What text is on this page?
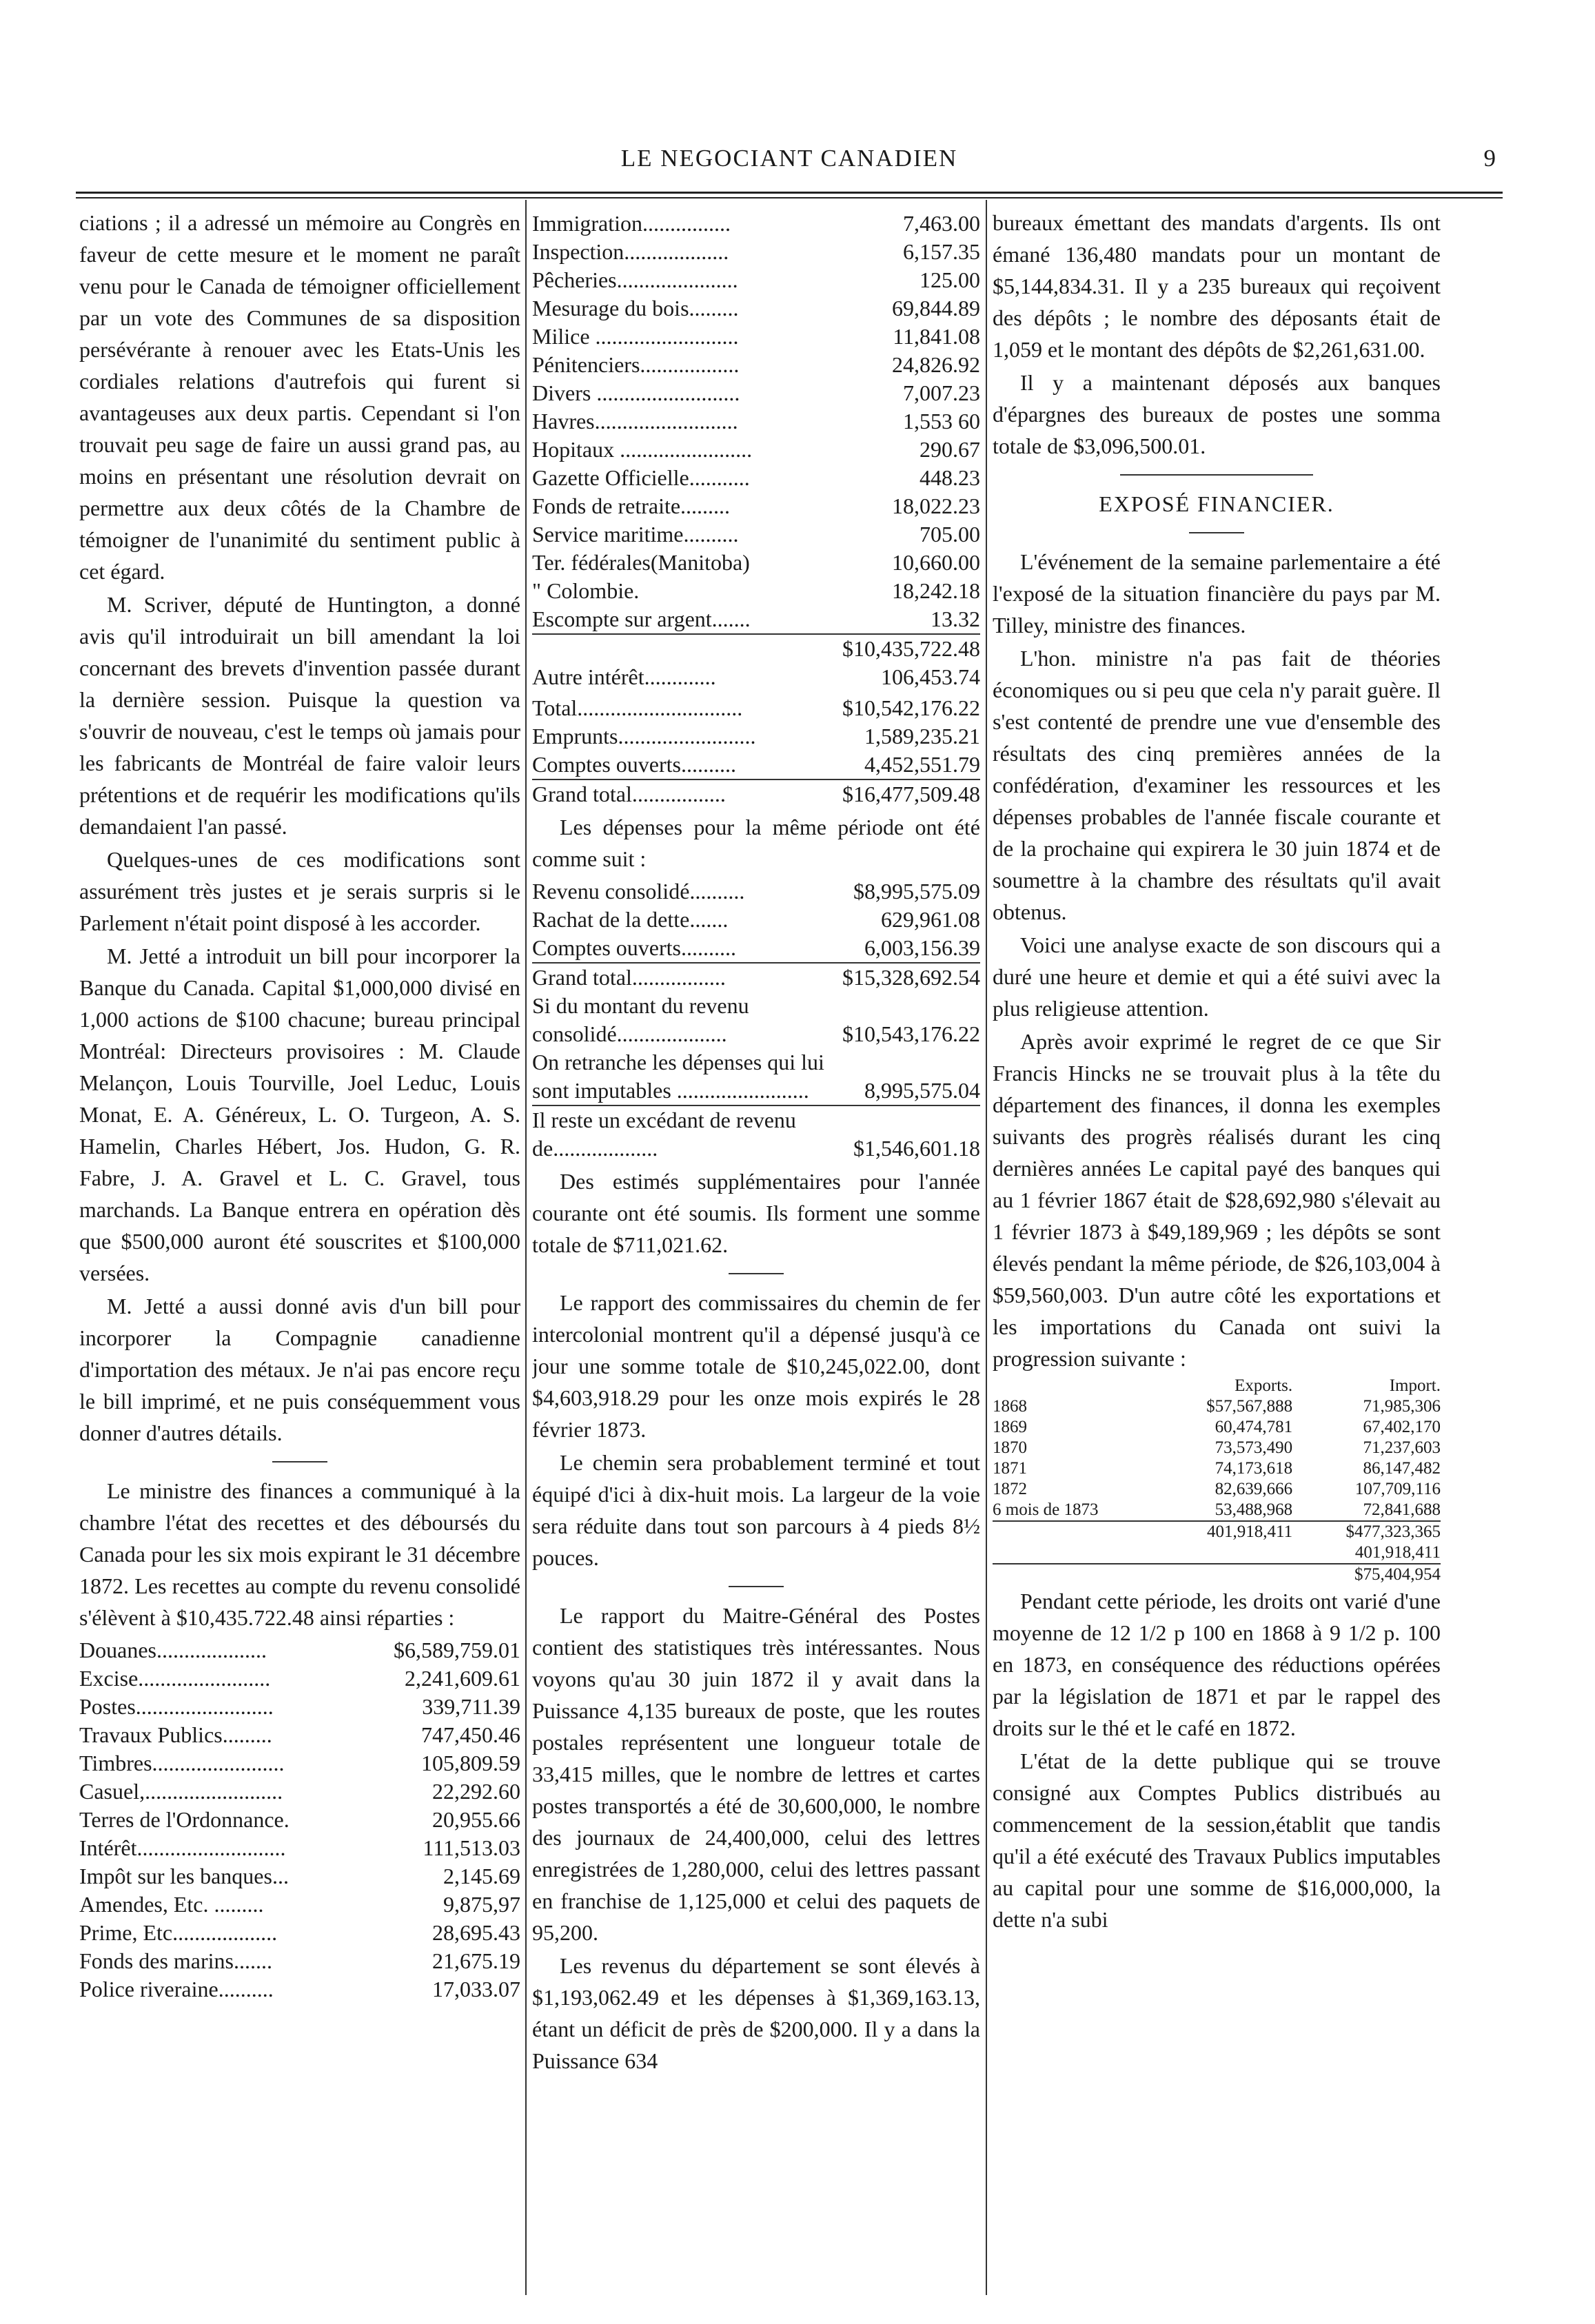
LE NEGOCIANT CANADIEN	9

ciations ; il a adressé un mémoire au Congrès en faveur de cette mesure et le moment ne paraît venu pour le Canada de témoigner officiellement par un vote des Communes de sa disposition persévérante à renouer avec les Etats-Unis les cordiales relations d'autrefois qui furent si avantageuses aux deux partis. Cependant si l'on trouvait peu sage de faire un aussi grand pas, au moins en présentant une résolution devrait on permettre aux deux côtés de la Chambre de témoigner de l'unanimité du sentiment public à cet égard.

M. Scriver, député de Huntington, a donné avis qu'il introduirait un bill amendant la loi concernant des brevets d'invention passée durant la dernière session. Puisque la question va s'ouvrir de nouveau, c'est le temps où jamais pour les fabricants de Montréal de faire valoir leurs prétentions et de requérir les modifications qu'ils demandaient l'an passé.

Quelques-unes de ces modifications sont assurément très justes et je serais surpris si le Parlement n'était point disposé à les accorder.

M. Jetté a introduit un bill pour incorporer la Banque du Canada. Capital $1,000,000 divisé en 1,000 actions de $100 chacune; bureau principal Montréal: Directeurs provisoires : M. Claude Melançon, Louis Tourville, Joel Leduc, Louis Monat, E. A. Généreux, L. O. Turgeon, A. S. Hamelin, Charles Hébert, Jos. Hudon, G. R. Fabre, J. A. Gravel et L. C. Gravel, tous marchands. La Banque entrera en opération dès que $500,000 auront été souscrites et $100,000 versées.

M. Jetté a aussi donné avis d'un bill pour incorporer la Compagnie canadienne d'importation des métaux. Je n'ai pas encore reçu le bill imprimé, et ne puis conséquemment vous donner d'autres détails.

Le ministre des finances a communiqué à la chambre l'état des recettes et des déboursés du Canada pour les six mois expirant le 31 décembre 1872. Les recettes au compte du revenu consolidé s'élèvent à $10,435.722.48 ainsi réparties :

Douanes....................	$6,589,759.01
Excise........................	2,241,609.61
Postes.........................	339,711.39
Travaux Publics.........	747,450.46
Timbres........................	105,809.59
Casuel,.........................	22,292.60
Terres de l'Ordonnance.	20,955.66
Intérêt...........................	111,513.03
Impôt sur les banques...	2,145.69
Amendes, Etc. .........	9,875,97
Prime, Etc...................	28,695.43
Fonds des marins.......	21,675.19
Police riveraine..........	17,033.07
Immigration................	7,463.00
Inspection...................	6,157.35
Pêcheries......................	125.00
Mesurage du bois.........	69,844.89
Milice ..........................	11,841.08
Pénitenciers..................	24,826.92
Divers ..........................	7,007.23
Havres..........................	1,553 60
Hopitaux ........................	290.67
Gazette Officielle...........	448.23
Fonds de retraite.........	18,022.23
Service maritime..........	705.00
Ter. fédérales(Manitoba)	10,660.00
" Colombie.	18,242.18
Escompte sur argent.......	13.32
	$10,435,722.48
Autre intérêt.............	106,453.74
Total..............................	$10,542,176.22
Emprunts.........................	1,589,235.21
Comptes ouverts..........	4,452,551.79
Grand total.................	$16,477,509.48

Les dépenses pour la même période ont été comme suit :

Revenu consolidé..........	$8,995,575.09
Rachat de la dette.......	629,961.08
Comptes ouverts..........	6,003,156.39
Grand total.................	$15,328,692.54
Si du montant du revenu consolidé....................	$10,543,176.22
On retranche les dépenses qui lui sont imputables ........................	8,995,575.04
Il reste un excédant de revenu de...................	$1,546,601.18

Des estimés supplémentaires pour l'année courante ont été soumis. Ils forment une somme totale de $711,021.62.

Le rapport des commissaires du chemin de fer intercolonial montrent qu'il a dépensé jusqu'à ce jour une somme totale de $10,245,022.00, dont $4,603,918.29 pour les onze mois expirés le 28 février 1873.

Le chemin sera probablement terminé et tout équipé d'ici à dix-huit mois. La largeur de la voie sera réduite dans tout son parcours à 4 pieds 8½ pouces.

Le rapport du Maitre-Général des Postes contient des statistiques très intéressantes. Nous voyons qu'au 30 juin 1872 il y avait dans la Puissance 4,135 bureaux de poste, que les routes postales représentent une longueur totale de 33,415 milles, que le nombre de lettres et cartes postes transportés a été de 30,600,000, le nombre des journaux de 24,400,000, celui des lettres enregistrées de 1,280,000, celui des lettres passant en franchise de 1,125,000 et celui des paquets de 95,200.

Les revenus du département se sont élevés à $1,193,062.49 et les dépenses à $1,369,163.13, étant un déficit de près de $200,000. Il y a dans la Puissance 634

bureaux émettant des mandats d'argents. Ils ont émané 136,480 mandats pour un montant de $5,144,834.31. Il y a 235 bureaux qui reçoivent des dépôts ; le nombre des déposants était de 1,059 et le montant des dépôts de $2,261,631.00.

Il y a maintenant déposés aux banques d'épargnes des bureaux de postes une somma totale de $3,096,500.01.

EXPOSÉ FINANCIER.

L'événement de la semaine parlementaire a été l'exposé de la situation financière du pays par M. Tilley, ministre des finances.

L'hon. ministre n'a pas fait de théories économiques ou si peu que cela n'y parait guère. Il s'est contenté de prendre une vue d'ensemble des résultats des cinq premières années de la confédération, d'examiner les ressources et les dépenses probables de l'année fiscale courante et de la prochaine qui expirera le 30 juin 1874 et de soumettre à la chambre des résultats qu'il avait obtenus.

Voici une analyse exacte de son discours qui a duré une heure et demie et qui a été suivi avec la plus religieuse attention.

Après avoir exprimé le regret de ce que Sir Francis Hincks ne se trouvait plus à la tête du département des finances, il donna les exemples suivants des progrès réalisés durant les cinq dernières années Le capital payé des banques qui au 1 février 1867 était de $28,692,980 s'élevait au 1 février 1873 à $49,189,969 ; les dépôts se sont élevés pendant la même période, de $26,103,004 à $59,560,003. D'un autre côté les exportations et les importations du Canada ont suivi la progression suivante :

	Exports.	Import.
1868	$57,567,888	71,985,306
1869	60,474,781	67,402,170
1870	73,573,490	71,237,603
1871	74,173,618	86,147,482
1872	82,639,666	107,709,116
6 mois de 1873	53,488,968	72,841,688
	401,918,411	$477,323,365
		401,918,411
		$75,404,954

Pendant cette période, les droits ont varié d'une moyenne de 12 1/2 p 100 en 1868 à 9 1/2 p. 100 en 1873, en conséquence des réductions opérées par la législation de 1871 et par le rappel des droits sur le thé et le café en 1872.

L'état de la dette publique qui se trouve consigné aux Comptes Publics distribués au commencement de la session,établit que tandis qu'il a été exécuté des Travaux Publics imputables au capital pour une somme de $16,000,000, la dette n'a subi
